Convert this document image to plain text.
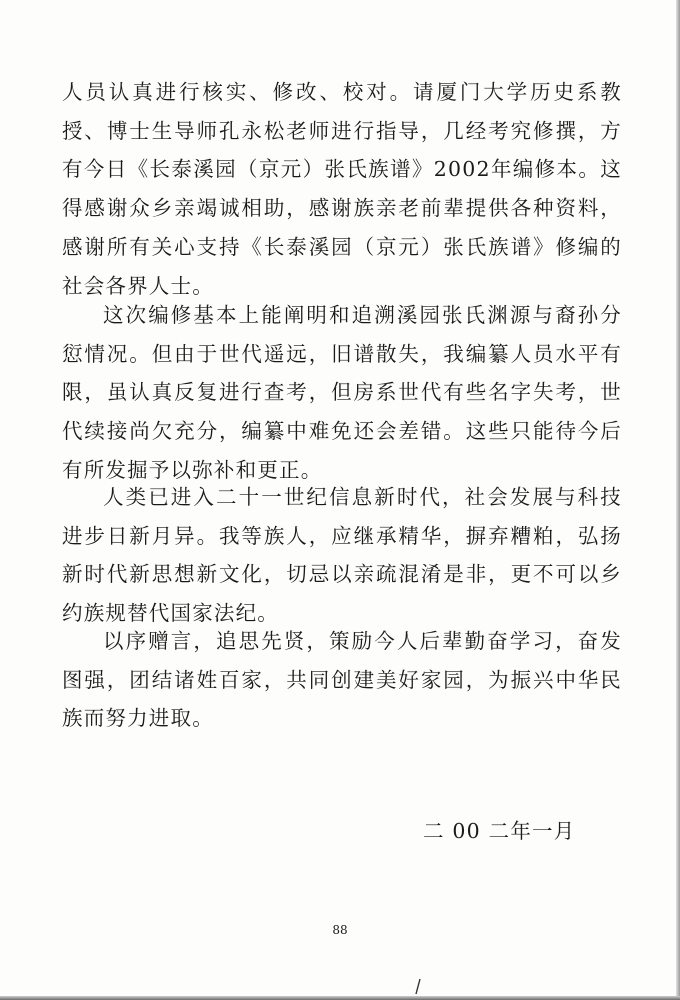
人员认真进行核实、修改、校对。请厦门大学历史系教授、博士生导师孔永松老师进行指导，几经考究修撰，方有今日《长泰溪园（京元）张氏族谱》2002年编修本。这得感谢众乡亲竭诚相助，感谢族亲老前辈提供各种资料，感谢所有关心支持《长泰溪园（京元）张氏族谱》修编的社会各界人士。

这次编修基本上能阐明和追溯溪园张氏渊源与裔孙分愆情况。但由于世代遥远，旧谱散失，我编纂人员水平有限，虽认真反复进行查考，但房系世代有些名字失考，世代续接尚欠充分，编纂中难免还会差错。这些只能待今后有所发掘予以弥补和更正。

人类已进入二十一世纪信息新时代，社会发展与科技进步日新月异。我等族人，应继承精华，摒弃糟粕，弘扬新时代新思想新文化，切忌以亲疏混淆是非，更不可以乡约族规替代国家法纪。

以序赠言，追思先贤，策励今人后辈勤奋学习，奋发图强，团结诸姓百家，共同创建美好家园，为振兴中华民族而努力进取。

二 00 二年一月

88
